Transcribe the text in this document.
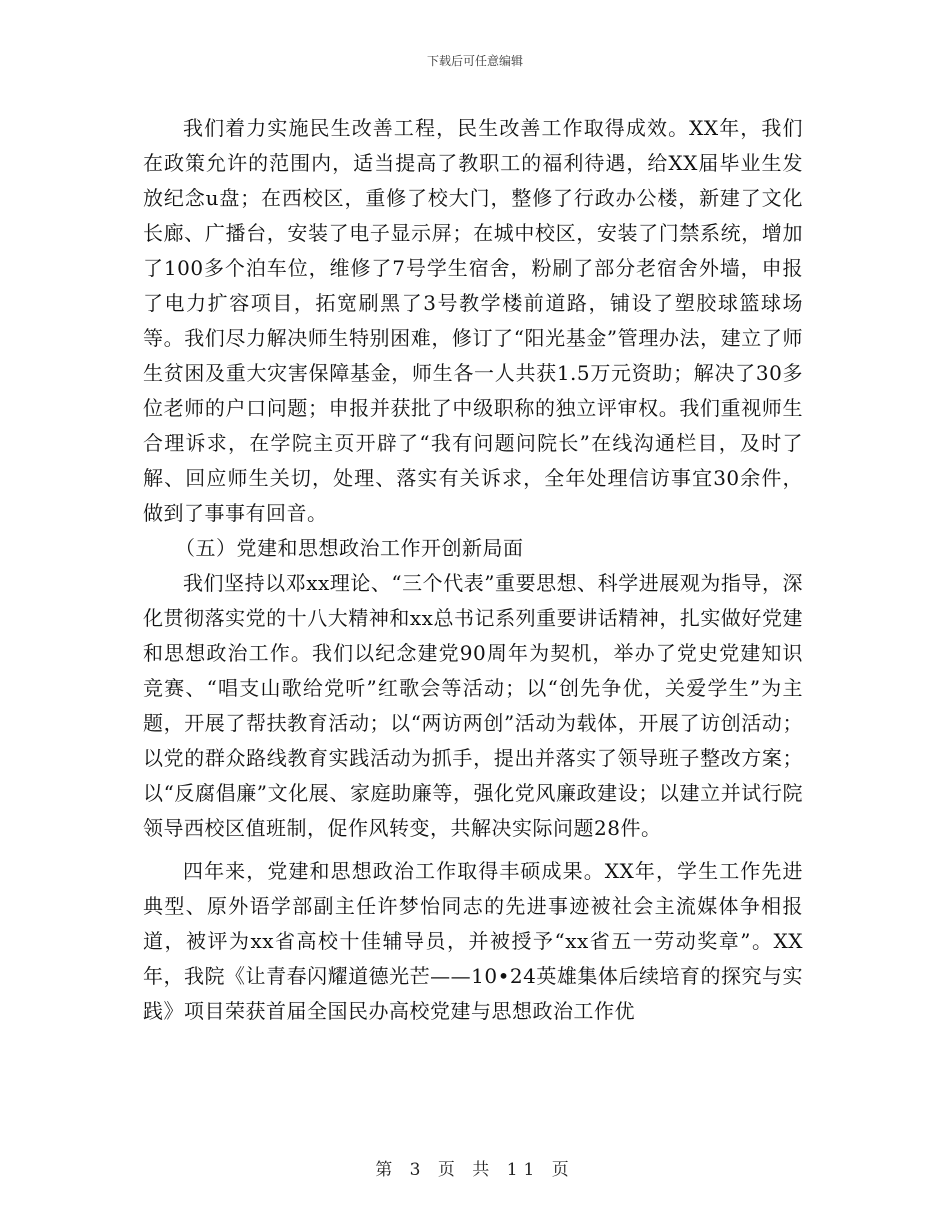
下载后可任意编辑

我们着力实施民生改善工程，民生改善工作取得成效。XX年，我们在政策允许的范围内，适当提高了教职工的福利待遇，给XX届毕业生发放纪念u盘；在西校区，重修了校大门，整修了行政办公楼，新建了文化长廊、广播台，安装了电子显示屏；在城中校区，安装了门禁系统，增加了100多个泊车位，维修了7号学生宿舍，粉刷了部分老宿舍外墙，申报了电力扩容项目，拓宽刷黑了3号教学楼前道路，铺设了塑胶球篮球场等。我们尽力解决师生特别困难，修订了“阳光基金”管理办法，建立了师生贫困及重大灾害保障基金，师生各一人共获1.5万元资助；解决了30多位老师的户口问题；申报并获批了中级职称的独立评审权。我们重视师生合理诉求，在学院主页开辟了“我有问题问院长”在线沟通栏目，及时了解、回应师生关切，处理、落实有关诉求，全年处理信访事宜30余件，做到了事事有回音。

（五）党建和思想政治工作开创新局面

我们坚持以邓xx理论、“三个代表”重要思想、科学进展观为指导，深化贯彻落实党的十八大精神和xx总书记系列重要讲话精神，扎实做好党建和思想政治工作。我们以纪念建党90周年为契机，举办了党史党建知识竞赛、“唱支山歌给党听”红歌会等活动；以“创先争优，关爱学生”为主题，开展了帮扶教育活动；以“两访两创”活动为载体，开展了访创活动；以党的群众路线教育实践活动为抓手，提出并落实了领导班子整改方案；以“反腐倡廉”文化展、家庭助廉等，强化党风廉政建设；以建立并试行院领导西校区值班制，促作风转变，共解决实际问题28件。

四年来，党建和思想政治工作取得丰硕成果。XX年，学生工作先进典型、原外语学部副主任许梦怡同志的先进事迹被社会主流媒体争相报道，被评为xx省高校十佳辅导员，并被授予“xx省五一劳动奖章”。XX年，我院《让青春闪耀道德光芒——10•24英雄集体后续培育的探究与实践》项目荣获首届全国民办高校党建与思想政治工作优

第 3 页 共 11 页
